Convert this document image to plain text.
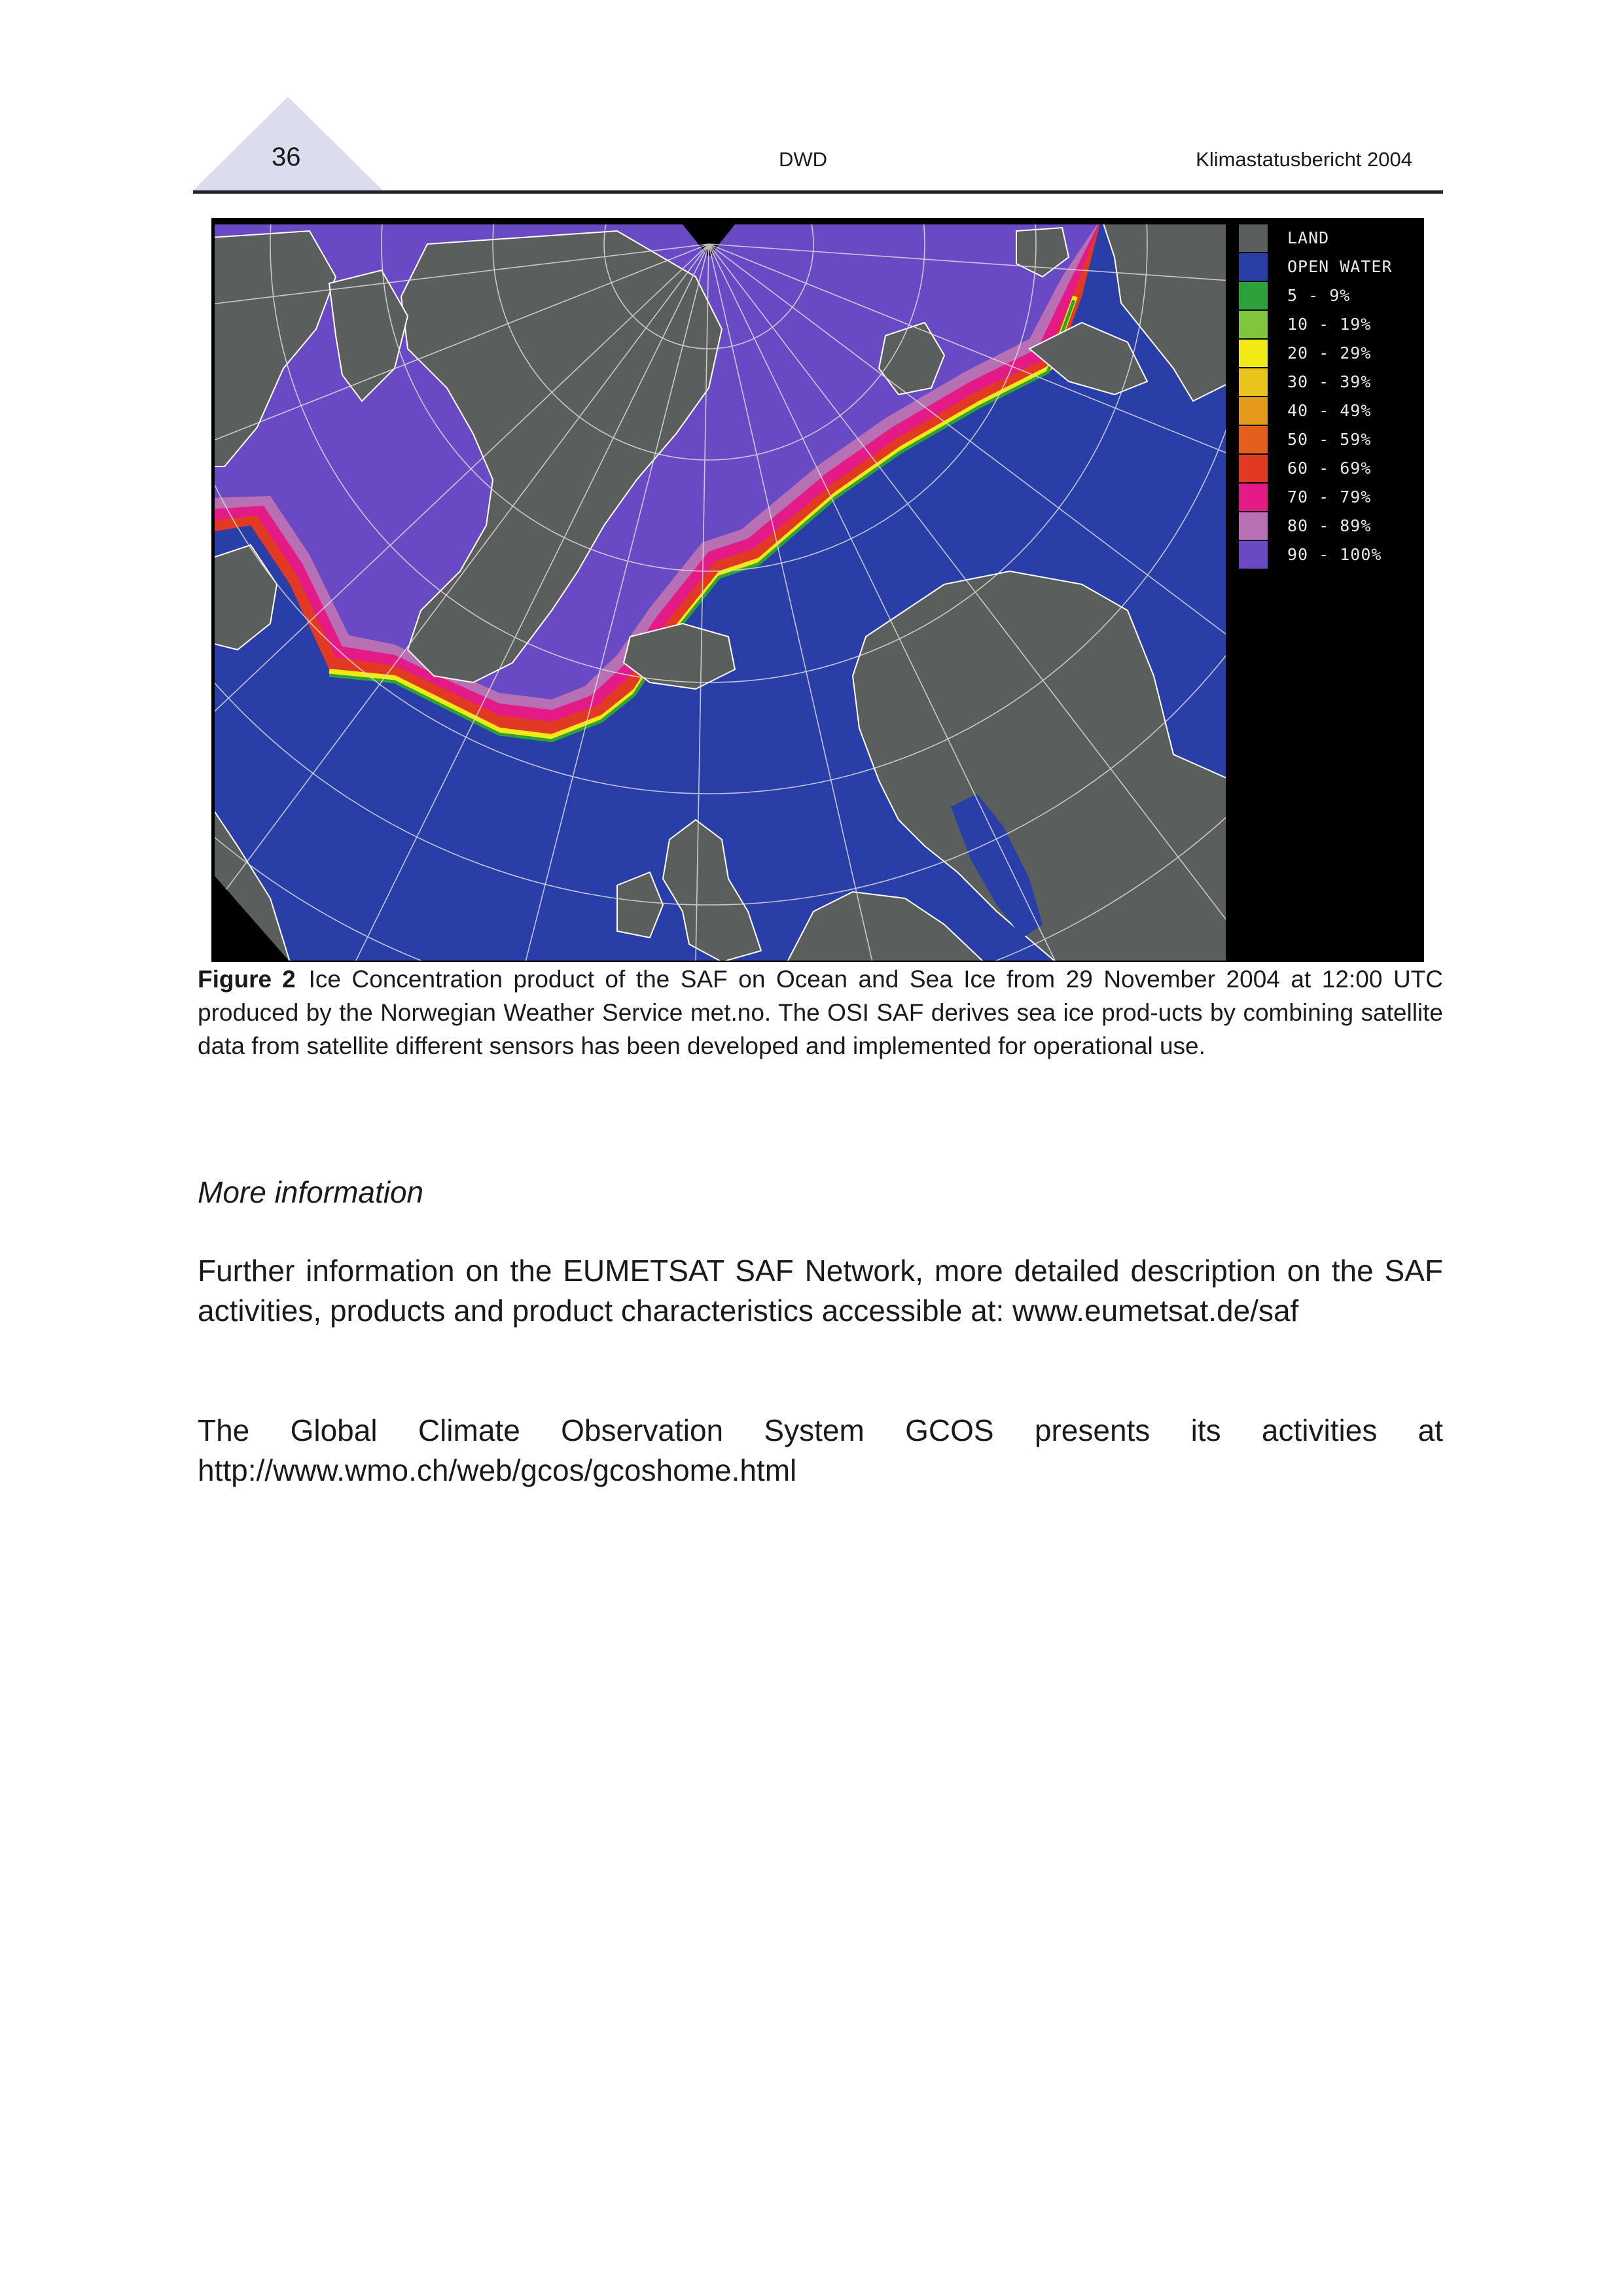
36	DWD	Klimastatusbericht 2004
LAND
OPEN WATER
5 - 9%
10 - 19%
20 - 29%
30 - 39%
40 - 49%
50 - 59%
60 - 69%
70 - 79%
80 - 89%
90 - 100%
Figure 2 Ice Concentration product of the SAF on Ocean and Sea Ice from 29 November 2004 at 12:00 UTC produced by the Norwegian Weather Service met.no. The OSI SAF derives sea ice prod-ucts by combining satellite data from satellite different sensors has been developed and implemented for operational use.
More information
Further information on the EUMETSAT SAF Network, more detailed description on the SAF activities, products and product characteristics accessible at: www.eumetsat.de/saf
The Global Climate Observation System GCOS presents its activities at http://www.wmo.ch/web/gcos/gcoshome.html
